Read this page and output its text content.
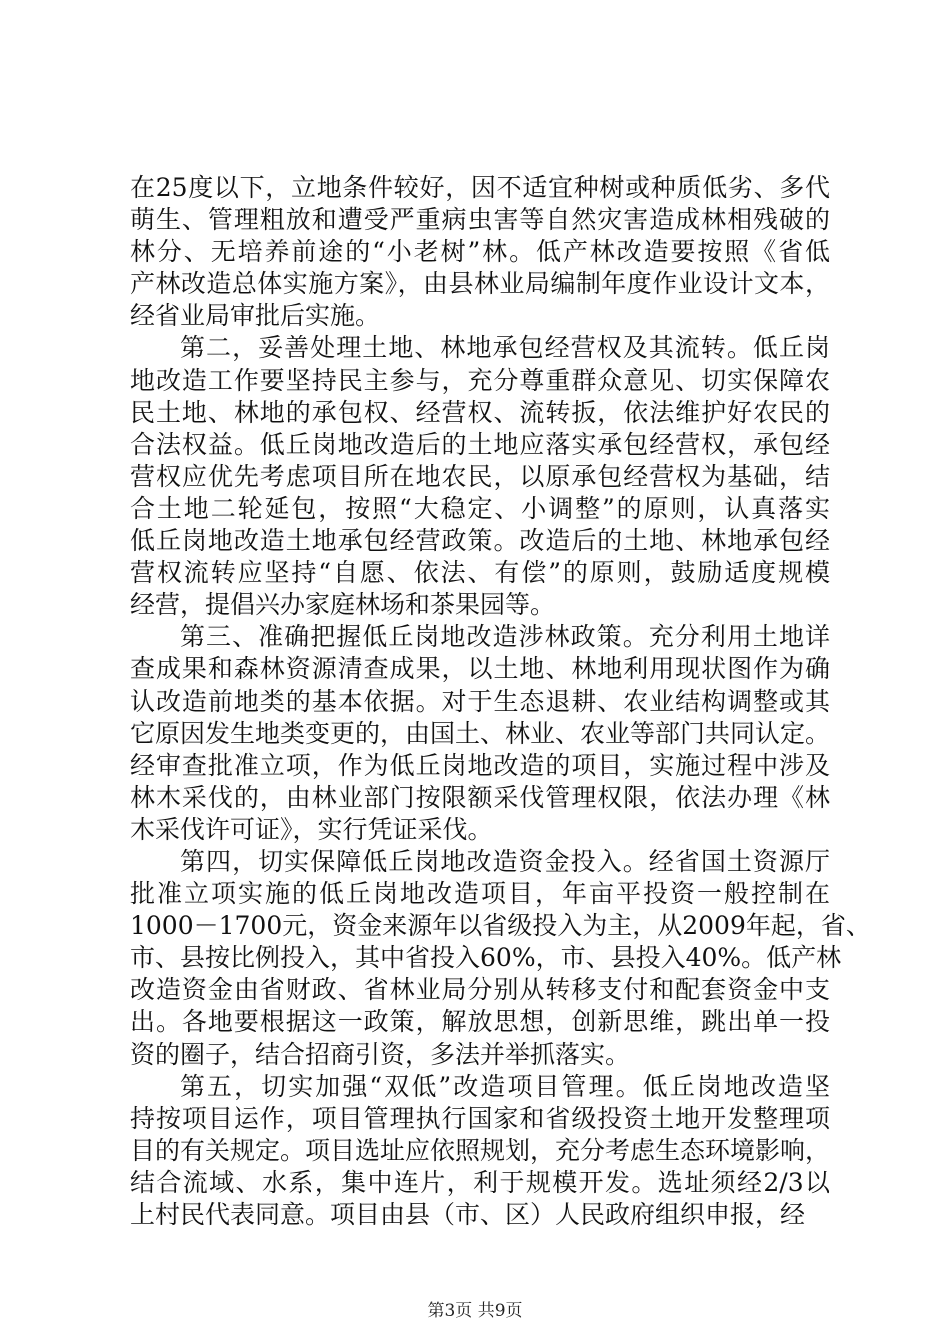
在25度以下，立地条件较好，因不适宜种树或种质低劣、多代
萌生、管理粗放和遭受严重病虫害等自然灾害造成林相残破的
林分、无培养前途的“小老树”林。低产林改造要按照《省低
产林改造总体实施方案》，由县林业局编制年度作业设计文本，
经省业局审批后实施。
第二，妥善处理土地、林地承包经营权及其流转。低丘岗
地改造工作要坚持民主参与，充分尊重群众意见、切实保障农
民土地、林地的承包权、经营权、流转扳，依法维护好农民的
合法权益。低丘岗地改造后的土地应落实承包经营权，承包经
营权应优先考虑项目所在地农民，以原承包经营权为基础，结
合土地二轮延包，按照“大稳定、小调整”的原则，认真落实
低丘岗地改造土地承包经营政策。改造后的土地、林地承包经
营权流转应坚持“自愿、依法、有偿”的原则，鼓励适度规模
经营，提倡兴办家庭林场和茶果园等。
第三、准确把握低丘岗地改造涉林政策。充分利用土地详
查成果和森林资源清查成果，以土地、林地利用现状图作为确
认改造前地类的基本依据。对于生态退耕、农业结构调整或其
它原因发生地类变更的，由国土、林业、农业等部门共同认定。
经审查批准立项，作为低丘岗地改造的项目，实施过程中涉及
林木采伐的，由林业部门按限额采伐管理权限，依法办理《林
木采伐许可证》，实行凭证采伐。
第四，切实保障低丘岗地改造资金投入。经省国土资源厅
批准立项实施的低丘岗地改造项目，年亩平投资一般控制在
1000－1700元，资金来源年以省级投入为主，从2009年起，省、
市、县按比例投入，其中省投入60%，市、县投入40%。低产林
改造资金由省财政、省林业局分别从转移支付和配套资金中支
出。各地要根据这一政策，解放思想，创新思维，跳出单一投
资的圈子，结合招商引资，多法并举抓落实。
第五，切实加强“双低”改造项目管理。低丘岗地改造坚
持按项目运作，项目管理执行国家和省级投资土地开发整理项
目的有关规定。项目选址应依照规划，充分考虑生态环境影响，
结合流域、水系，集中连片，利于规模开发。选址须经2/3以
上村民代表同意。项目由县（市、区）人民政府组织申报，经
第3页 共9页
